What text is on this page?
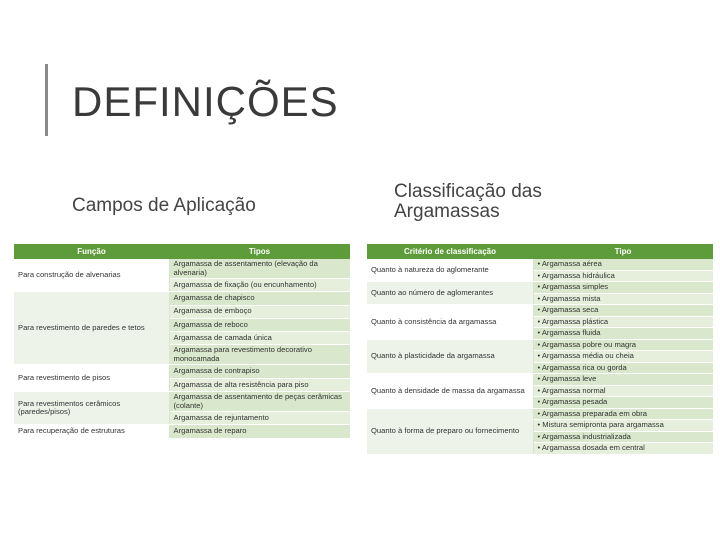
DEFINIÇÕES
Campos de Aplicação
Classificação das Argamassas
Função	Tipos
Para construção de alvenarias	Argamassa de assentamento (elevação da alvenaria)
	Argamassa de fixação (ou encunhamento)
Para revestimento de paredes e tetos	Argamassa de chapisco
	Argamassa de emboço
	Argamassa de reboco
	Argamassa de camada única
	Argamassa para revestimento decorativo monocamada
Para revestimento de pisos	Argamassa de contrapiso
	Argamassa de alta resistência para piso
Para revestimentos cerâmicos (paredes/pisos)	Argamassa de assentamento de peças cerâmicas (colante)
	Argamassa de rejuntamento
Para recuperação de estruturas	Argamassa de reparo
Critério de classificação	Tipo
Quanto à natureza do aglomerante	• Argamassa aérea
	• Argamassa hidráulica
Quanto ao número de aglomerantes	• Argamassa simples
	• Argamassa mista
Quanto à consistência da argamassa	• Argamassa seca
	• Argamassa plástica
	• Argamassa fluida
Quanto à plasticidade da argamassa	• Argamassa pobre ou magra
	• Argamassa média ou cheia
	• Argamassa rica ou gorda
Quanto à densidade de massa da argamassa	• Argamassa leve
	• Argamassa normal
	• Argamassa pesada
Quanto à forma de preparo ou fornecimento	• Argamassa preparada em obra
	• Mistura semipronta para argamassa
	• Argamassa industrializada
	• Argamassa dosada em central
